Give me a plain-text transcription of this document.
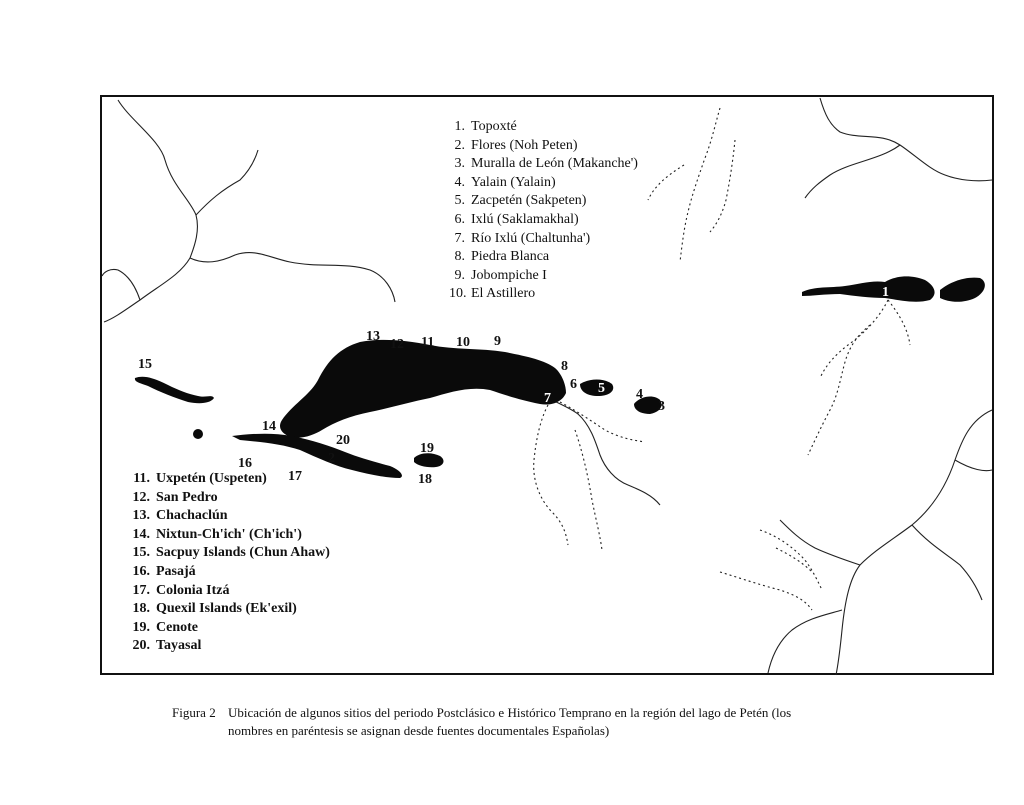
1
2
3
4
5
6
7
8
9
10
11
12
13
14
15
16
17	18
19
20
1. Topoxté
2. Flores (Noh Peten)
3. Muralla de León (Makanche')
4. Yalain (Yalain)
5. Zacpetén (Sakpeten)
6. Ixlú (Saklamakhal)
7. Río Ixlú (Chaltunha')
8. Piedra Blanca
9. Jobompiche I
10. El Astillero
11. Uxpetén (Uspeten)
12. San Pedro
13. Chachaclún
14. Nixtun-Ch'ich' (Ch'ich')
15. Sacpuy Islands (Chun Ahaw)
16. Pasajá
17. Colonia Itzá
18. Quexil Islands (Ek'exil)
19. Cenote
20. Tayasal
Figura 2 Ubicación de algunos sitios del periodo Postclásico e Histórico Temprano en la región del lago de Petén (los
nombres en paréntesis se asignan desde fuentes documentales Españolas)
